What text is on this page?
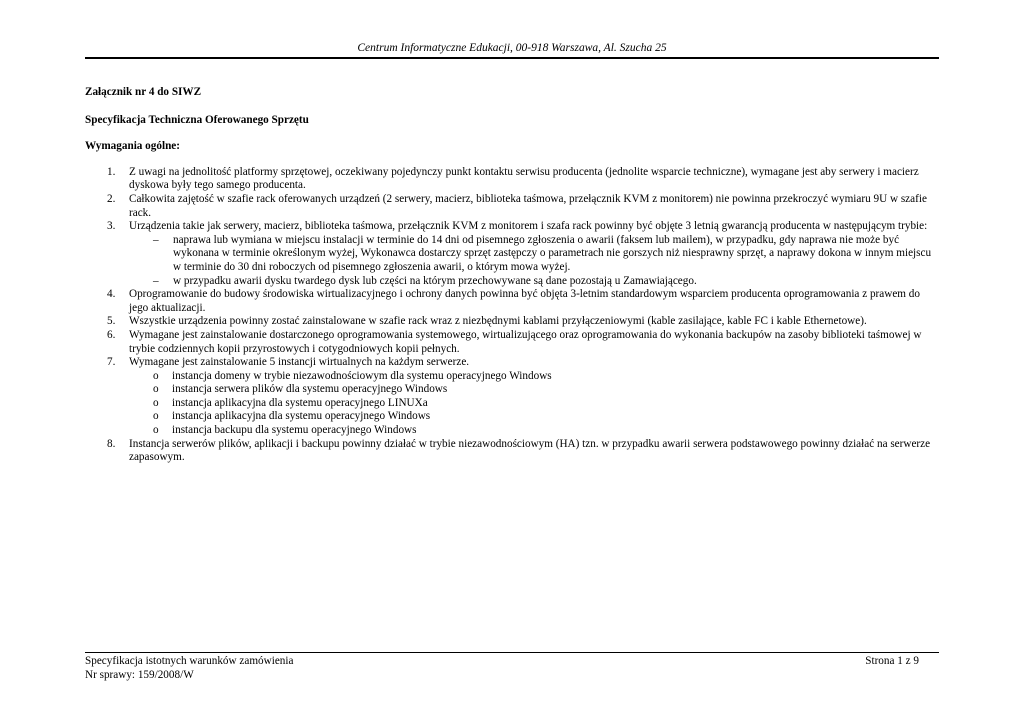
Centrum Informatyczne Edukacji, 00-918 Warszawa, Al. Szucha 25
Załącznik nr 4 do SIWZ
Specyfikacja Techniczna Oferowanego Sprzętu
Wymagania ogólne:
1. Z uwagi na jednolitość platformy sprzętowej, oczekiwany pojedynczy punkt kontaktu serwisu producenta (jednolite wsparcie techniczne), wymagane jest aby serwery i macierz dyskowa były tego samego producenta.
2. Całkowita zajętość w szafie rack oferowanych urządzeń (2 serwery, macierz, biblioteka taśmowa, przełącznik KVM z monitorem) nie powinna przekroczyć wymiaru 9U w szafie rack.
3. Urządzenia takie jak serwery, macierz, biblioteka taśmowa, przełącznik KVM z monitorem i szafa rack powinny być objęte 3 letnią gwarancją producenta w następującym trybie:
– naprawa lub wymiana w miejscu instalacji w terminie do 14 dni od pisemnego zgłoszenia o awarii (faksem lub mailem), w przypadku, gdy naprawa nie może być wykonana w terminie określonym wyżej, Wykonawca dostarczy sprzęt zastępczy o parametrach nie gorszych niż niesprawny sprzęt, a naprawy dokona w innym miejscu w terminie do 30 dni roboczych od pisemnego zgłoszenia awarii, o którym mowa wyżej.
– w przypadku awarii dysku twardego dysk lub części na którym przechowywane są dane pozostają u Zamawiającego.
4. Oprogramowanie do budowy środowiska wirtualizacyjnego i ochrony danych powinna być objęta 3-letnim standardowym wsparciem producenta oprogramowania z prawem do jego aktualizacji.
5. Wszystkie urządzenia powinny zostać zainstalowane w szafie rack wraz z niezbędnymi kablami przyłączeniowymi (kable zasilające, kable FC i kable Ethernetowe).
6. Wymagane jest zainstalowanie dostarczonego oprogramowania systemowego, wirtualizującego oraz oprogramowania do wykonania backupów na zasoby biblioteki taśmowej w trybie codziennych kopii przyrostowych i cotygodniowych kopii pełnych.
7. Wymagane jest zainstalowanie 5 instancji wirtualnych na każdym serwerze.
o instancja domeny w trybie niezawodnościowym dla systemu operacyjnego Windows
o instancja serwera plików dla systemu operacyjnego Windows
o instancja aplikacyjna dla systemu operacyjnego LINUXa
o instancja aplikacyjna dla systemu operacyjnego Windows
o instancja backupu dla systemu operacyjnego Windows
8. Instancja serwerów plików, aplikacji i backupu powinny działać w trybie niezawodnościowym (HA) tzn. w przypadku awarii serwera podstawowego powinny działać na serwerze zapasowym.
Specyfikacja istotnych warunków zamówienia
Nr sprawy: 159/2008/W
Strona 1 z 9
